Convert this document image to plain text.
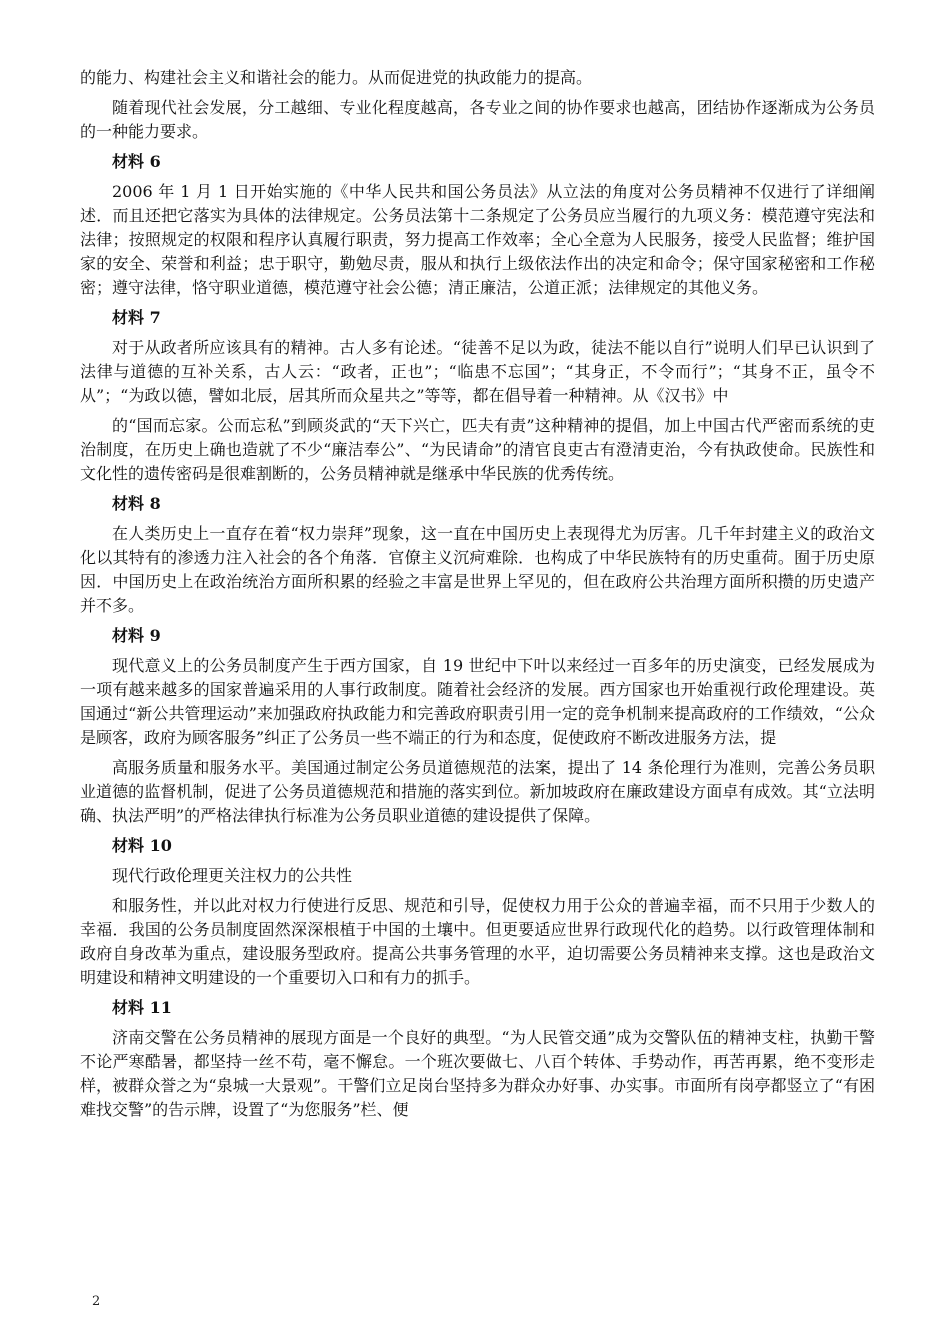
的能力、构建社会主义和谐社会的能力。从而促进党的执政能力的提高。

随着现代社会发展，分工越细、专业化程度越高，各专业之间的协作要求也越高，团结协作逐渐成为公务员的一种能力要求。

材料 6

2006 年 1 月 1 日开始实施的《中华人民共和国公务员法》从立法的角度对公务员精神不仅进行了详细阐述．而且还把它落实为具体的法律规定。公务员法第十二条规定了公务员应当履行的九项义务：模范遵守宪法和法律；按照规定的权限和程序认真履行职责，努力提高工作效率；全心全意为人民服务，接受人民监督；维护国家的安全、荣誉和利益；忠于职守，勤勉尽责，服从和执行上级依法作出的决定和命令；保守国家秘密和工作秘密；遵守法律，恪守职业道德，模范遵守社会公德；清正廉洁，公道正派；法律规定的其他义务。

材料 7

对于从政者所应该具有的精神。古人多有论述。“徒善不足以为政，徒法不能以自行”说明人们早已认识到了法律与道德的互补关系，古人云：“政者，正也”；“临患不忘国”；“其身正，不令而行”；“其身不正，虽令不从”；“为政以德，譬如北辰，居其所而众星共之”等等，都在倡导着一种精神。从《汉书》中

的“国而忘家。公而忘私”到顾炎武的“天下兴亡，匹夫有责”这种精神的提倡，加上中国古代严密而系统的吏治制度，在历史上确也造就了不少“廉洁奉公”、“为民请命”的清官良吏古有澄清吏治，今有执政使命。民族性和文化性的遗传密码是很难割断的，公务员精神就是继承中华民族的优秀传统。

材料 8

在人类历史上一直存在着“权力崇拜”现象，这一直在中国历史上表现得尤为厉害。几千年封建主义的政治文化以其特有的渗透力注入社会的各个角落．官僚主义沉疴难除．也构成了中华民族特有的历史重荷。囿于历史原因．中国历史上在政治统治方面所积累的经验之丰富是世界上罕见的，但在政府公共治理方面所积攒的历史遗产并不多。

材料 9

现代意义上的公务员制度产生于西方国家，自 19 世纪中下叶以来经过一百多年的历史演变，已经发展成为一项有越来越多的国家普遍采用的人事行政制度。随着社会经济的发展。西方国家也开始重视行政伦理建设。英国通过“新公共管理运动”来加强政府执政能力和完善政府职责引用一定的竞争机制来提高政府的工作绩效，“公众是顾客，政府为顾客服务”纠正了公务员一些不端正的行为和态度，促使政府不断改进服务方法，提

高服务质量和服务水平。美国通过制定公务员道德规范的法案，提出了 14 条伦理行为准则，完善公务员职业道德的监督机制，促进了公务员道德规范和措施的落实到位。新加坡政府在廉政建设方面卓有成效。其“立法明确、执法严明”的严格法律执行标准为公务员职业道德的建设提供了保障。

材料 10

现代行政伦理更关注权力的公共性

和服务性，并以此对权力行使进行反思、规范和引导，促使权力用于公众的普遍幸福，而不只用于少数人的幸福．我国的公务员制度固然深深根植于中国的土壤中。但更要适应世界行政现代化的趋势。以行政管理体制和政府自身改革为重点，建设服务型政府。提高公共事务管理的水平，迫切需要公务员精神来支撑。这也是政治文明建设和精神文明建设的一个重要切入口和有力的抓手。

材料 11

济南交警在公务员精神的展现方面是一个良好的典型。“为人民管交通”成为交警队伍的精神支柱，执勤干警不论严寒酷暑，都坚持一丝不苟，毫不懈怠。一个班次要做七、八百个转体、手势动作，再苦再累，绝不变形走样，被群众誉之为“泉城一大景观”。干警们立足岗台坚持多为群众办好事、办实事。市面所有岗亭都竖立了“有困难找交警”的告示牌，设置了“为您服务”栏、便

2
